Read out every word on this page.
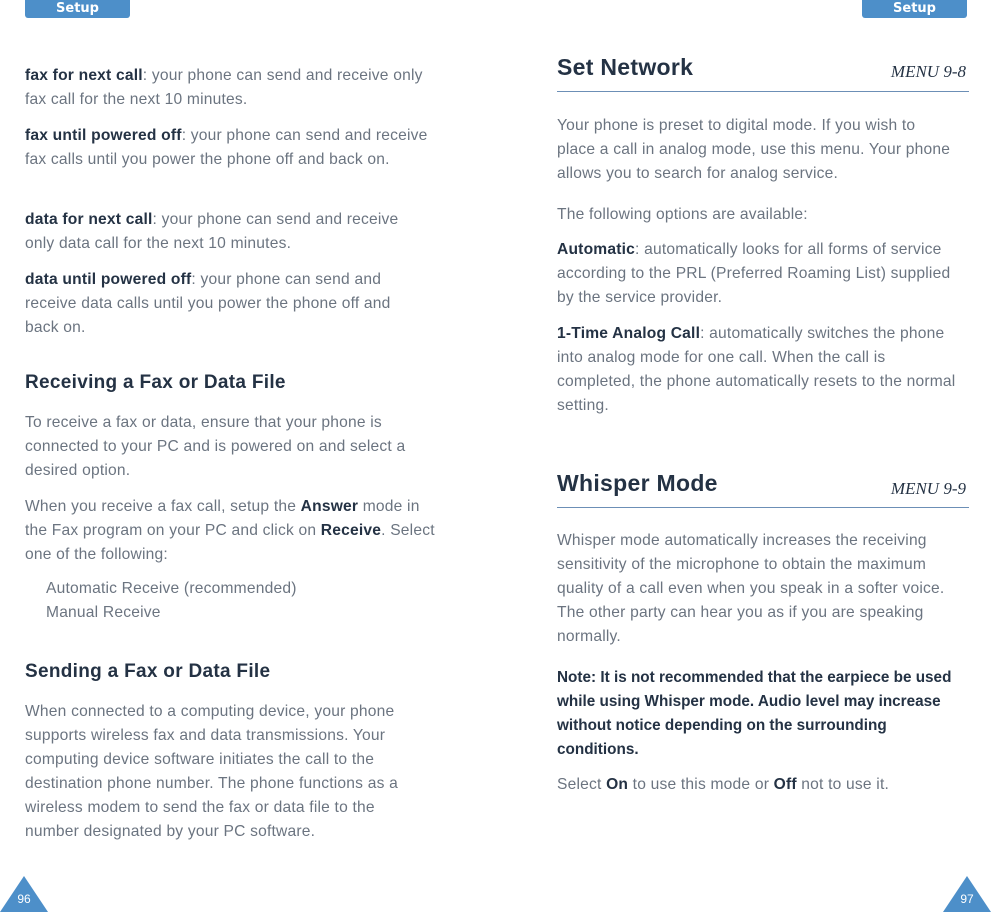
Setup	Setup

fax for next call: your phone can send and receive only fax call for the next 10 minutes.

fax until powered off: your phone can send and receive fax calls until you power the phone off and back on.

data for next call: your phone can send and receive only data call for the next 10 minutes.

data until powered off: your phone can send and receive data calls until you power the phone off and back on.

Receiving a Fax or Data File

To receive a fax or data, ensure that your phone is connected to your PC and is powered on and select a desired option.

When you receive a fax call, setup the Answer mode in the Fax program on your PC and click on Receive. Select one of the following:

Automatic Receive (recommended)

Manual Receive

Sending a Fax or Data File

When connected to a computing device, your phone supports wireless fax and data transmissions. Your computing device software initiates the call to the destination phone number. The phone functions as a wireless modem to send the fax or data file to the number designated by your PC software.

Set Network	MENU 9-8

Your phone is preset to digital mode. If you wish to place a call in analog mode, use this menu. Your phone allows you to search for analog service.

The following options are available:

Automatic: automatically looks for all forms of service according to the PRL (Preferred Roaming List) supplied by the service provider.

1-Time Analog Call: automatically switches the phone into analog mode for one call. When the call is completed, the phone automatically resets to the normal setting.

Whisper Mode	MENU 9-9

Whisper mode automatically increases the receiving sensitivity of the microphone to obtain the maximum quality of a call even when you speak in a softer voice. The other party can hear you as if you are speaking normally.

Note: It is not recommended that the earpiece be used while using Whisper mode. Audio level may increase without notice depending on the surrounding conditions.

Select On to use this mode or Off not to use it.

96	97
